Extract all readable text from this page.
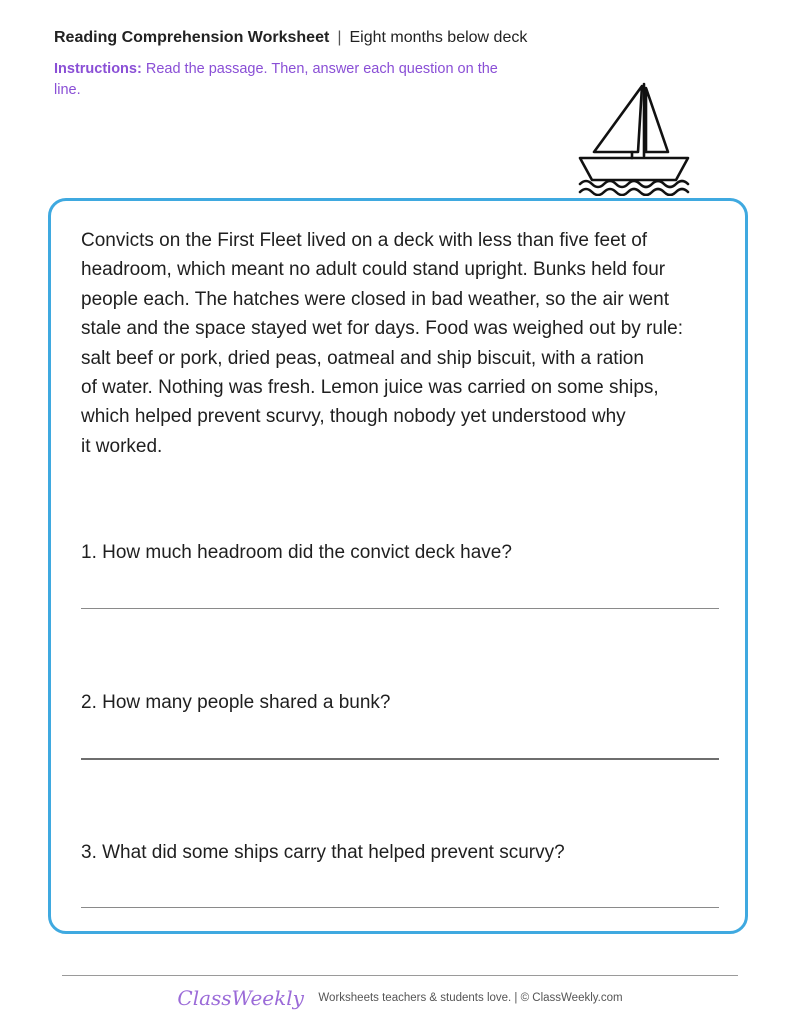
Reading Comprehension Worksheet | Eight months below deck
Instructions: Read the passage. Then, answer each question on the line.
Convicts on the First Fleet lived on a deck with less than five feet of
headroom, which meant no adult could stand upright. Bunks held four
people each. The hatches were closed in bad weather, so the air went
stale and the space stayed wet for days. Food was weighed out by rule:
salt beef or pork, dried peas, oatmeal and ship biscuit, with a ration
of water. Nothing was fresh. Lemon juice was carried on some ships,
which helped prevent scurvy, though nobody yet understood why
it worked.
1. How much headroom did the convict deck have?
2. How many people shared a bunk?
3. What did some ships carry that helped prevent scurvy?
ClassWeekly Worksheets teachers & students love. | © ClassWeekly.com
